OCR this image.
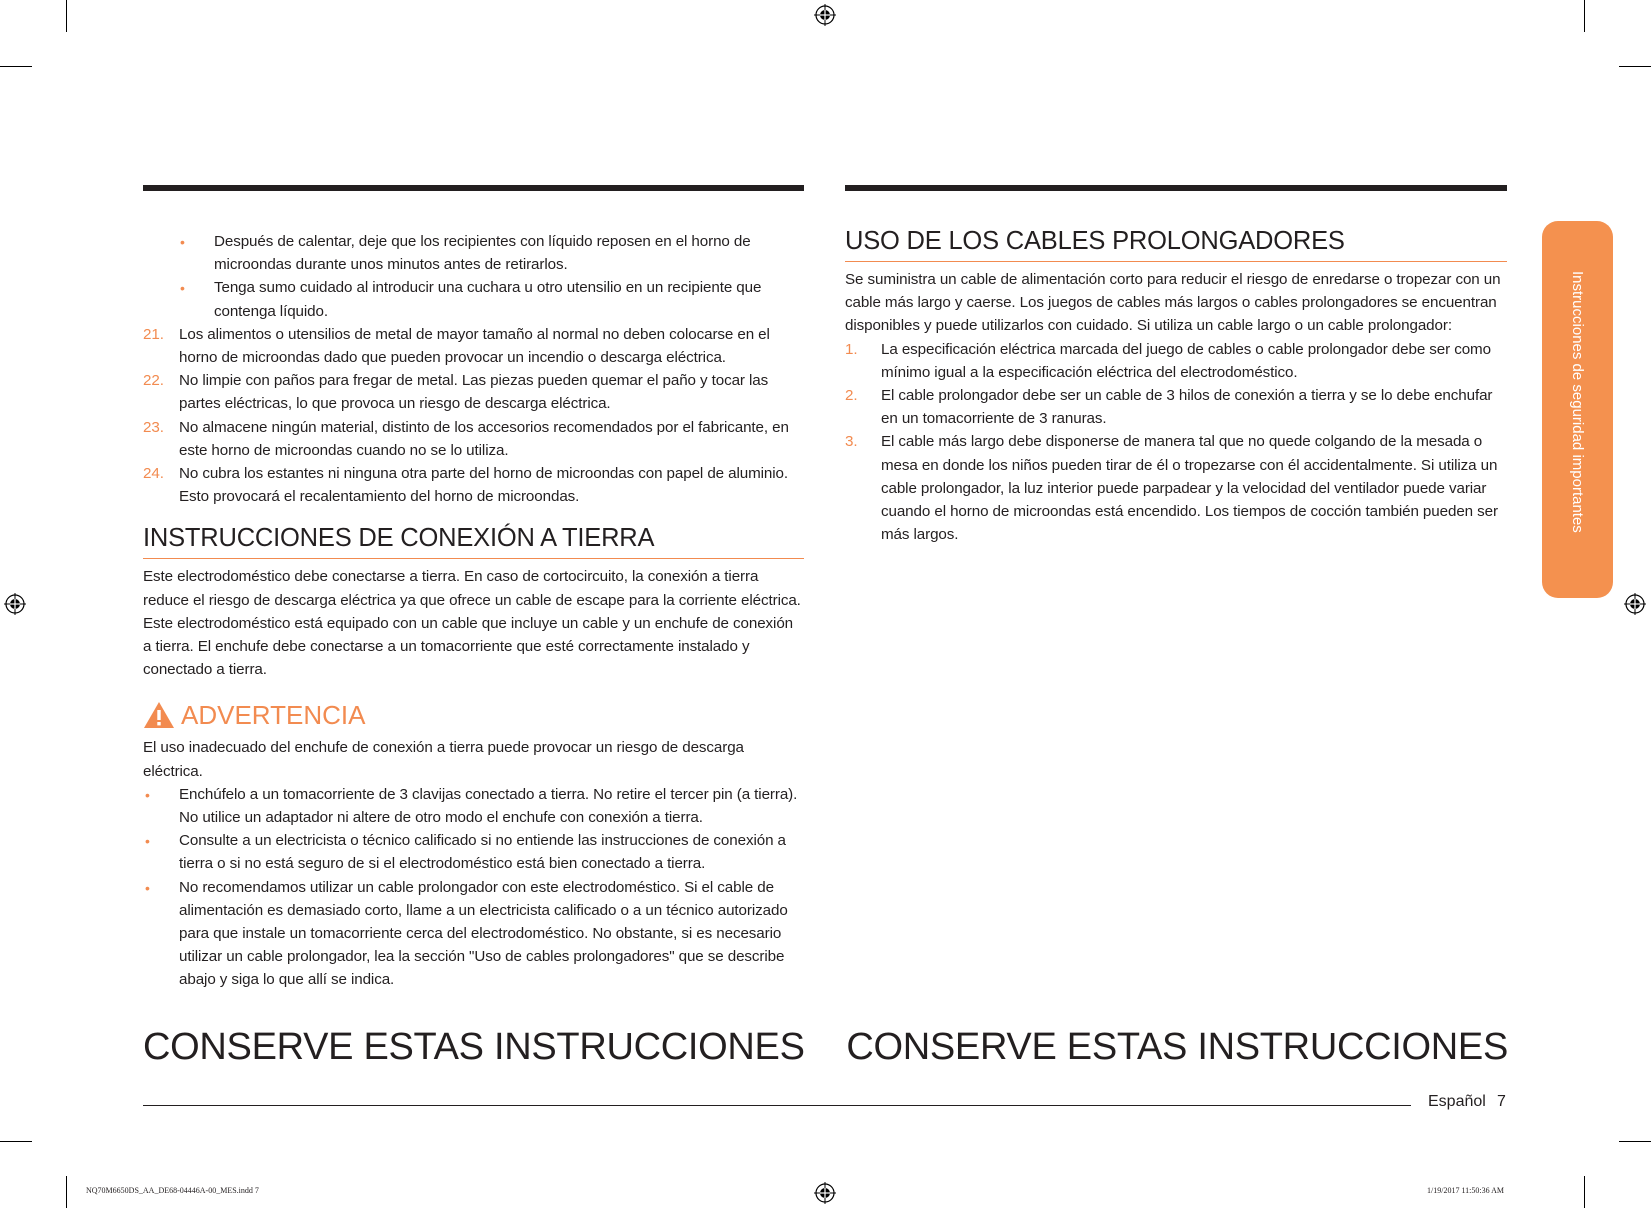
• Después de calentar, deje que los recipientes con líquido reposen en el horno de microondas durante unos minutos antes de retirarlos.
• Tenga sumo cuidado al introducir una cuchara u otro utensilio en un recipiente que contenga líquido.
21. Los alimentos o utensilios de metal de mayor tamaño al normal no deben colocarse en el horno de microondas dado que pueden provocar un incendio o descarga eléctrica.
22. No limpie con paños para fregar de metal. Las piezas pueden quemar el paño y tocar las partes eléctricas, lo que provoca un riesgo de descarga eléctrica.
23. No almacene ningún material, distinto de los accesorios recomendados por el fabricante, en este horno de microondas cuando no se lo utiliza.
24. No cubra los estantes ni ninguna otra parte del horno de microondas con papel de aluminio. Esto provocará el recalentamiento del horno de microondas.
INSTRUCCIONES DE CONEXIÓN A TIERRA

Este electrodoméstico debe conectarse a tierra. En caso de cortocircuito, la conexión a tierra reduce el riesgo de descarga eléctrica ya que ofrece un cable de escape para la corriente eléctrica. Este electrodoméstico está equipado con un cable que incluye un cable y un enchufe de conexión a tierra. El enchufe debe conectarse a un tomacorriente que esté correctamente instalado y conectado a tierra.

ADVERTENCIA

El uso inadecuado del enchufe de conexión a tierra puede provocar un riesgo de descarga eléctrica.

• Enchúfelo a un tomacorriente de 3 clavijas conectado a tierra. No retire el tercer pin (a tierra). No utilice un adaptador ni altere de otro modo el enchufe con conexión a tierra.
• Consulte a un electricista o técnico calificado si no entiende las instrucciones de conexión a tierra o si no está seguro de si el electrodoméstico está bien conectado a tierra.
• No recomendamos utilizar un cable prolongador con este electrodoméstico. Si el cable de alimentación es demasiado corto, llame a un electricista calificado o a un técnico autorizado para que instale un tomacorriente cerca del electrodoméstico. No obstante, si es necesario utilizar un cable prolongador, lea la sección "Uso de cables prolongadores" que se describe abajo y siga lo que allí se indica.
CONSERVE ESTAS INSTRUCCIONES
USO DE LOS CABLES PROLONGADORES

Se suministra un cable de alimentación corto para reducir el riesgo de enredarse o tropezar con un cable más largo y caerse. Los juegos de cables más largos o cables prolongadores se encuentran disponibles y puede utilizarlos con cuidado. Si utiliza un cable largo o un cable prolongador:

1. La especificación eléctrica marcada del juego de cables o cable prolongador debe ser como mínimo igual a la especificación eléctrica del electrodoméstico.
2. El cable prolongador debe ser un cable de 3 hilos de conexión a tierra y se lo debe enchufar en un tomacorriente de 3 ranuras.
3. El cable más largo debe disponerse de manera tal que no quede colgando de la mesada o mesa en donde los niños pueden tirar de él o tropezarse con él accidentalmente. Si utiliza un cable prolongador, la luz interior puede parpadear y la velocidad del ventilador puede variar cuando el horno de microondas está encendido. Los tiempos de cocción también pueden ser más largos.
CONSERVE ESTAS INSTRUCCIONES
Instrucciones de seguridad importantes
Español 7
NQ70M6650DS_AA_DE68-04446A-00_MES.indd 7	1/19/2017 11:50:36 AM
